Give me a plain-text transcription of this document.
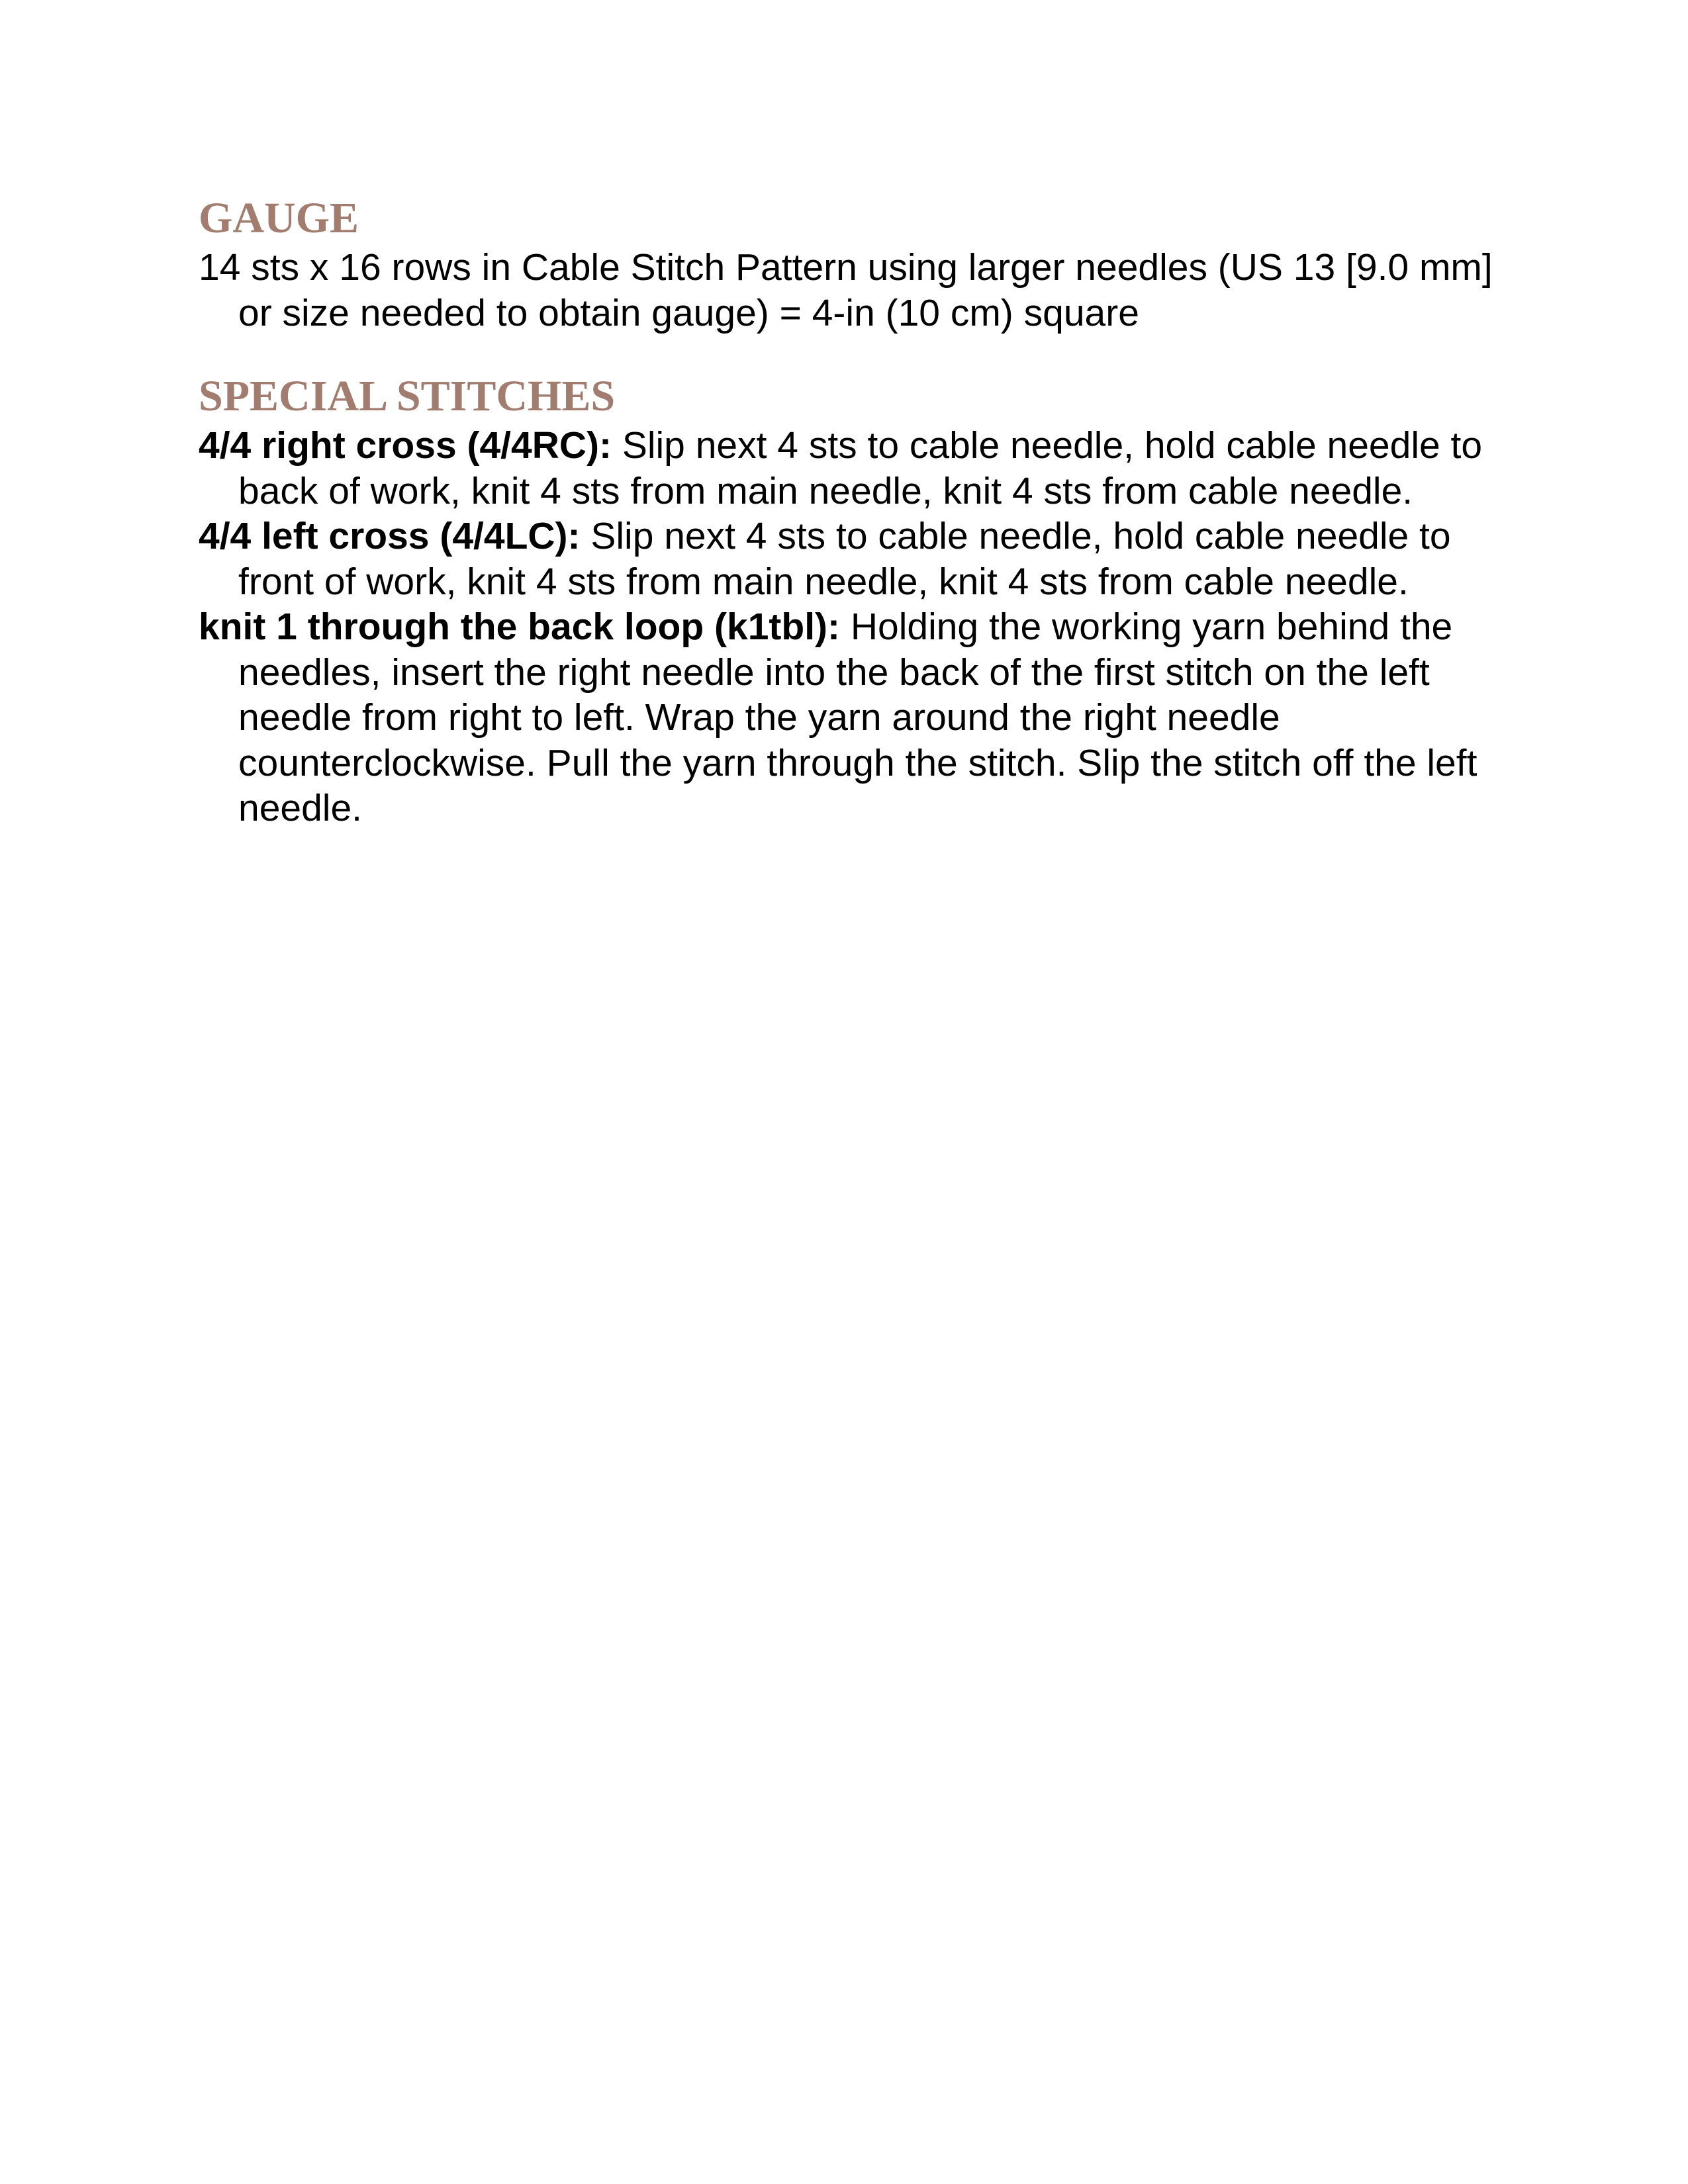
GAUGE

14 sts x 16 rows in Cable Stitch Pattern using larger needles (US 13 [9.0 mm] or size needed to obtain gauge) = 4-in (10 cm) square

SPECIAL STITCHES

4/4 right cross (4/4RC): Slip next 4 sts to cable needle, hold cable needle to back of work, knit 4 sts from main needle, knit 4 sts from cable needle.

4/4 left cross (4/4LC): Slip next 4 sts to cable needle, hold cable needle to front of work, knit 4 sts from main needle, knit 4 sts from cable needle.

knit 1 through the back loop (k1tbl): Holding the working yarn behind the needles, insert the right needle into the back of the first stitch on the left needle from right to left. Wrap the yarn around the right needle counterclockwise. Pull the yarn through the stitch. Slip the stitch off the left needle.
